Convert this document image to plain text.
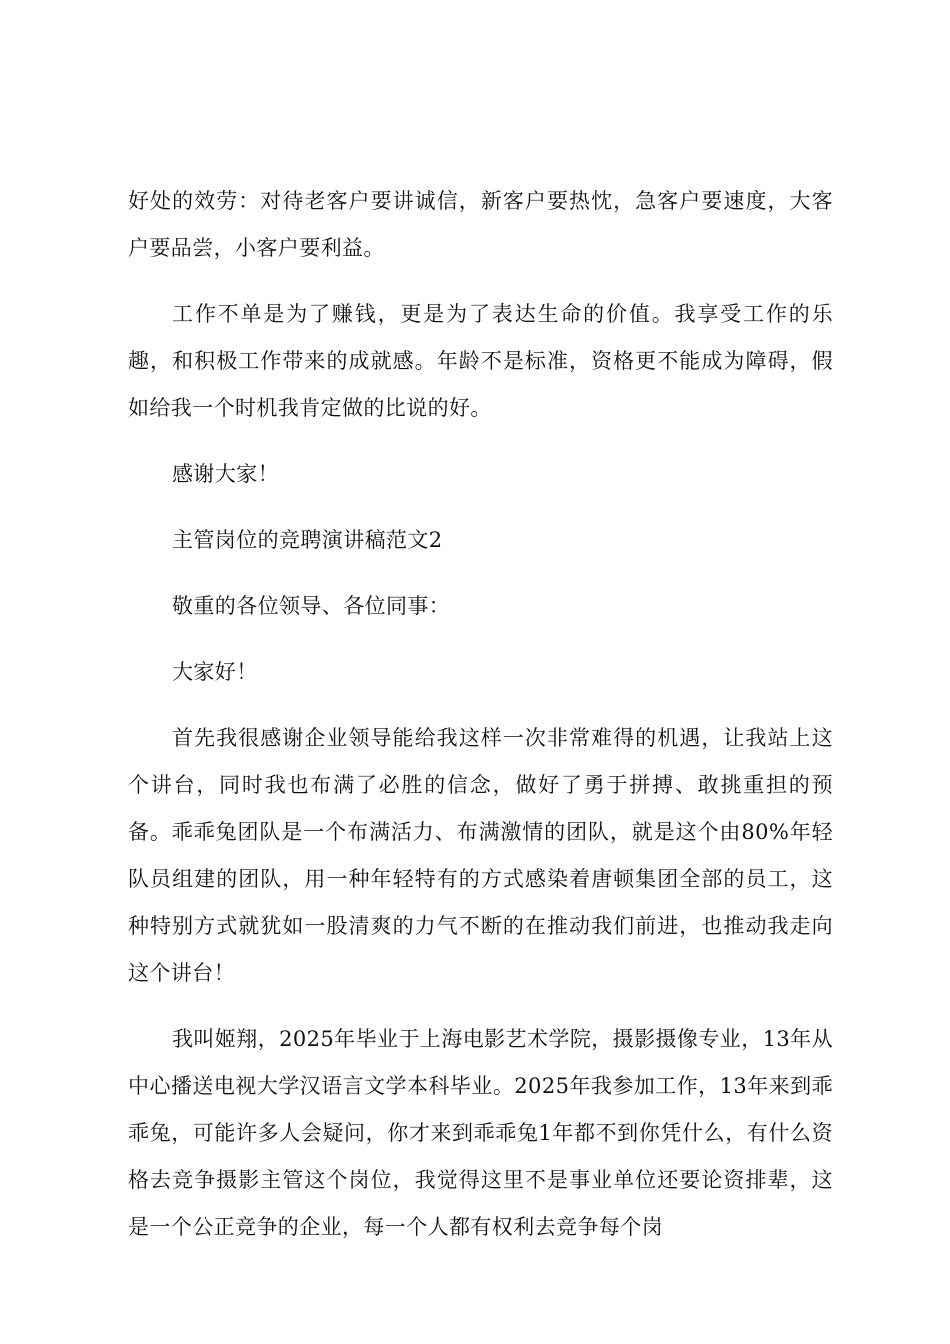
好处的效劳：对待老客户要讲诚信，新客户要热忱，急客户要速度，大客户要品尝，小客户要利益。

工作不单是为了赚钱，更是为了表达生命的价值。我享受工作的乐趣，和积极工作带来的成就感。年龄不是标准，资格更不能成为障碍，假如给我一个时机我肯定做的比说的好。

感谢大家！

主管岗位的竞聘演讲稿范文2

敬重的各位领导、各位同事：

大家好！

首先我很感谢企业领导能给我这样一次非常难得的机遇，让我站上这个讲台，同时我也布满了必胜的信念，做好了勇于拼搏、敢挑重担的预备。乖乖兔团队是一个布满活力、布满激情的团队，就是这个由80%年轻队员组建的团队，用一种年轻特有的方式感染着唐顿集团全部的员工，这种特别方式就犹如一股清爽的力气不断的在推动我们前进，也推动我走向这个讲台！

我叫姬翔，2025年毕业于上海电影艺术学院，摄影摄像专业，13年从中心播送电视大学汉语言文学本科毕业。2025年我参加工作，13年来到乖乖兔，可能许多人会疑问，你才来到乖乖兔1年都不到你凭什么，有什么资格去竞争摄影主管这个岗位，我觉得这里不是事业单位还要论资排辈，这是一个公正竞争的企业，每一个人都有权利去竞争每个岗
